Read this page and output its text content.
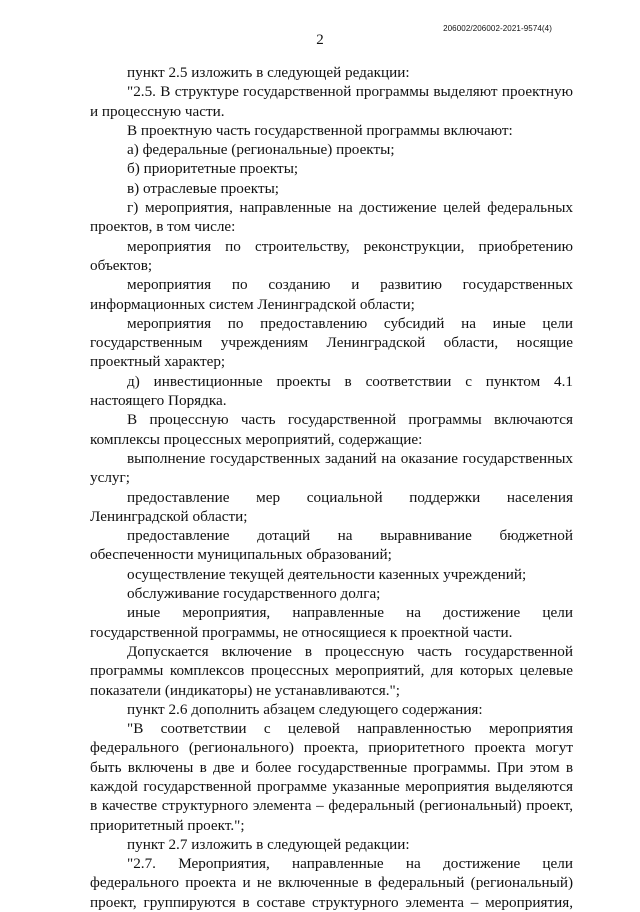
2
206002/206002-2021-9574(4)

пункт 2.5 изложить в следующей редакции:

"2.5. В структуре государственной программы выделяют проектную и процессную части.

В проектную часть государственной программы включают:

а) федеральные (региональные) проекты;

б) приоритетные проекты;

в) отраслевые проекты;

г) мероприятия, направленные на достижение целей федеральных проектов, в том числе:

мероприятия по строительству, реконструкции, приобретению объектов;

мероприятия по созданию и развитию государственных информационных систем Ленинградской области;

мероприятия по предоставлению субсидий на иные цели государственным учреждениям Ленинградской области, носящие проектный характер;

д) инвестиционные проекты в соответствии с пунктом 4.1 настоящего Порядка.

В процессную часть государственной программы включаются комплексы процессных мероприятий, содержащие:

выполнение государственных заданий на оказание государственных услуг;

предоставление мер социальной поддержки населения Ленинградской области;

предоставление дотаций на выравнивание бюджетной обеспеченности муниципальных образований;

осуществление текущей деятельности казенных учреждений;

обслуживание государственного долга;

иные мероприятия, направленные на достижение цели государственной программы, не относящиеся к проектной части.

Допускается включение в процессную часть государственной программы комплексов процессных мероприятий, для которых целевые показатели (индикаторы) не устанавливаются.";

пункт 2.6 дополнить абзацем следующего содержания:

"В соответствии с целевой направленностью мероприятия федерального (регионального) проекта, приоритетного проекта могут быть включены в две и более государственные программы. При этом в каждой государственной программе указанные мероприятия выделяются в качестве структурного элемента – федеральный (региональный) проект, приоритетный проект.";

пункт 2.7 изложить в следующей редакции:

"2.7. Мероприятия, направленные на достижение цели федерального проекта и не включенные в федеральный (региональный) проект, группируются в составе структурного элемента – мероприятия,
